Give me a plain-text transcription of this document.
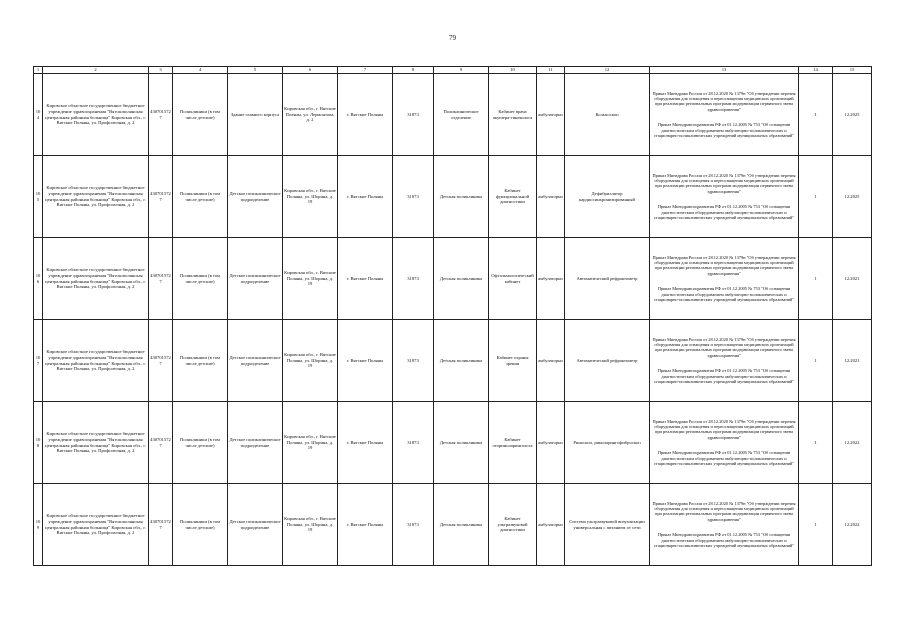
79
1	2	3	4	5	6	7	8	9	10	11	12	13	14	15
104	Кировское областное государственное бюджетное учреждение здравоохранения "Вятскополянская центральная районная больница" Кировская обл., г. Вятские Поляны, ул. Профсоюзная, д. 2	4307015727	Поликлиники (в том числе детские)	Здание главного корпуса	Кировская обл., г. Вятские Поляны, ул. Лермонтова, д. 2	г. Вятские Поляны	31873	Поликлиническое отделение	Кабинет врача акушера-гинеколога	амбулаторно	Кольпоскоп	Приказ Минздрава России от 28.12.2020 № 1379н "Об утверждении перечня оборудования для оснащения и переоснащения медицинских организаций при реализации региональных программ модернизации первичного звена здравоохранения"
Приказ Минздравсоцразвития РФ от 01.12.2005 № 753 "Об оснащении диагностическим оборудованием амбулаторно-поликлинических и стационарно-поликлинических учреждений муниципальных образований"	1	12.2025
105	Кировское областное государственное бюджетное учреждение здравоохранения "Вятскополянская центральная районная больница" Кировская обл., г. Вятские Поляны, ул. Профсоюзная, д. 2	4307015727	Поликлиники (в том числе детские)	Детское поликлиническое подразделение	Кировская обл., г. Вятские Поляны, ул. Шорина, д. 19	г. Вятские Поляны	31873	Детская поликлиника	Кабинет функциональной диагностики	амбулаторно	Дефибриллятор кардиосинхронизированный	Приказ Минздрава России от 28.12.2020 № 1379н "Об утверждении перечня оборудования для оснащения и переоснащения медицинских организаций при реализации региональных программ модернизации первичного звена здравоохранения"
Приказ Минздравсоцразвития РФ от 01.12.2005 № 753 "Об оснащении диагностическим оборудованием амбулаторно-поликлинических и стационарно-поликлинических учреждений муниципальных образований"	1	12.2025
106	Кировское областное государственное бюджетное учреждение здравоохранения "Вятскополянская центральная районная больница" Кировская обл., г. Вятские Поляны, ул. Профсоюзная, д. 2	4307015727	Поликлиники (в том числе детские)	Детское поликлиническое подразделение	Кировская обл., г. Вятские Поляны, ул. Шорина, д. 19	г. Вятские Поляны	31873	Детская поликлиника	Офтальмологический кабинет	амбулаторно	Автоматический рефрактометр	Приказ Минздрава России от 28.12.2020 № 1379н "Об утверждении перечня оборудования для оснащения и переоснащения медицинских организаций при реализации региональных программ модернизации первичного звена здравоохранения"
Приказ Минздравсоцразвития РФ от 01.12.2005 № 753 "Об оснащении диагностическим оборудованием амбулаторно-поликлинических и стационарно-поликлинических учреждений муниципальных образований"	1	12.2021
107	Кировское областное государственное бюджетное учреждение здравоохранения "Вятскополянская центральная районная больница" Кировская обл., г. Вятские Поляны, ул. Профсоюзная, д. 2	4307015727	Поликлиники (в том числе детские)	Детское поликлиническое подразделение	Кировская обл., г. Вятские Поляны, ул. Шорина, д. 19	г. Вятские Поляны	31873	Детская поликлиника	Кабинет охраны зрения	амбулаторно	Автоматический рефрактометр	Приказ Минздрава России от 28.12.2020 № 1379н "Об утверждении перечня оборудования для оснащения и переоснащения медицинских организаций при реализации региональных программ модернизации первичного звена здравоохранения"
Приказ Минздравсоцразвития РФ от 01.12.2005 № 753 "Об оснащении диагностическим оборудованием амбулаторно-поликлинических и стационарно-поликлинических учреждений муниципальных образований"	1	12.2021
108	Кировское областное государственное бюджетное учреждение здравоохранения "Вятскополянская центральная районная больница" Кировская обл., г. Вятские Поляны, ул. Профсоюзная, д. 2	4307015727	Поликлиники (в том числе детские)	Детское поликлиническое подразделение	Кировская обл., г. Вятские Поляны, ул. Шорина, д. 19	г. Вятские Поляны	31873	Детская поликлиника	Кабинет оториноларинголога	амбулаторно	Риноскоп, риноларингофиброскоп	Приказ Минздрава России от 28.12.2020 № 1379н "Об утверждении перечня оборудования для оснащения и переоснащения медицинских организаций при реализации региональных программ модернизации первичного звена здравоохранения"
Приказ Минздравсоцразвития РФ от 01.12.2005 № 753 "Об оснащении диагностическим оборудованием амбулаторно-поликлинических и стационарно-поликлинических учреждений муниципальных образований"	1	12.2022
109	Кировское областное государственное бюджетное учреждение здравоохранения "Вятскополянская центральная районная больница" Кировская обл., г. Вятские Поляны, ул. Профсоюзная, д. 2	4307015727	Поликлиники (в том числе детские)	Детское поликлиническое подразделение	Кировская обл., г. Вятские Поляны, ул. Шорина, д. 19	г. Вятские Поляны	31873	Детская поликлиника	Кабинет ультразвуковой диагностики	амбулаторно	Система ультразвуковой визуализации универсальная с питанием от сети	Приказ Минздрава России от 28.12.2020 № 1379н "Об утверждении перечня оборудования для оснащения и переоснащения медицинских организаций при реализации региональных программ модернизации первичного звена здравоохранения"
Приказ Минздравсоцразвития РФ от 01.12.2005 № 753 "Об оснащении диагностическим оборудованием амбулаторно-поликлинических и стационарно-поликлинических учреждений муниципальных образований"	1	12.2022
